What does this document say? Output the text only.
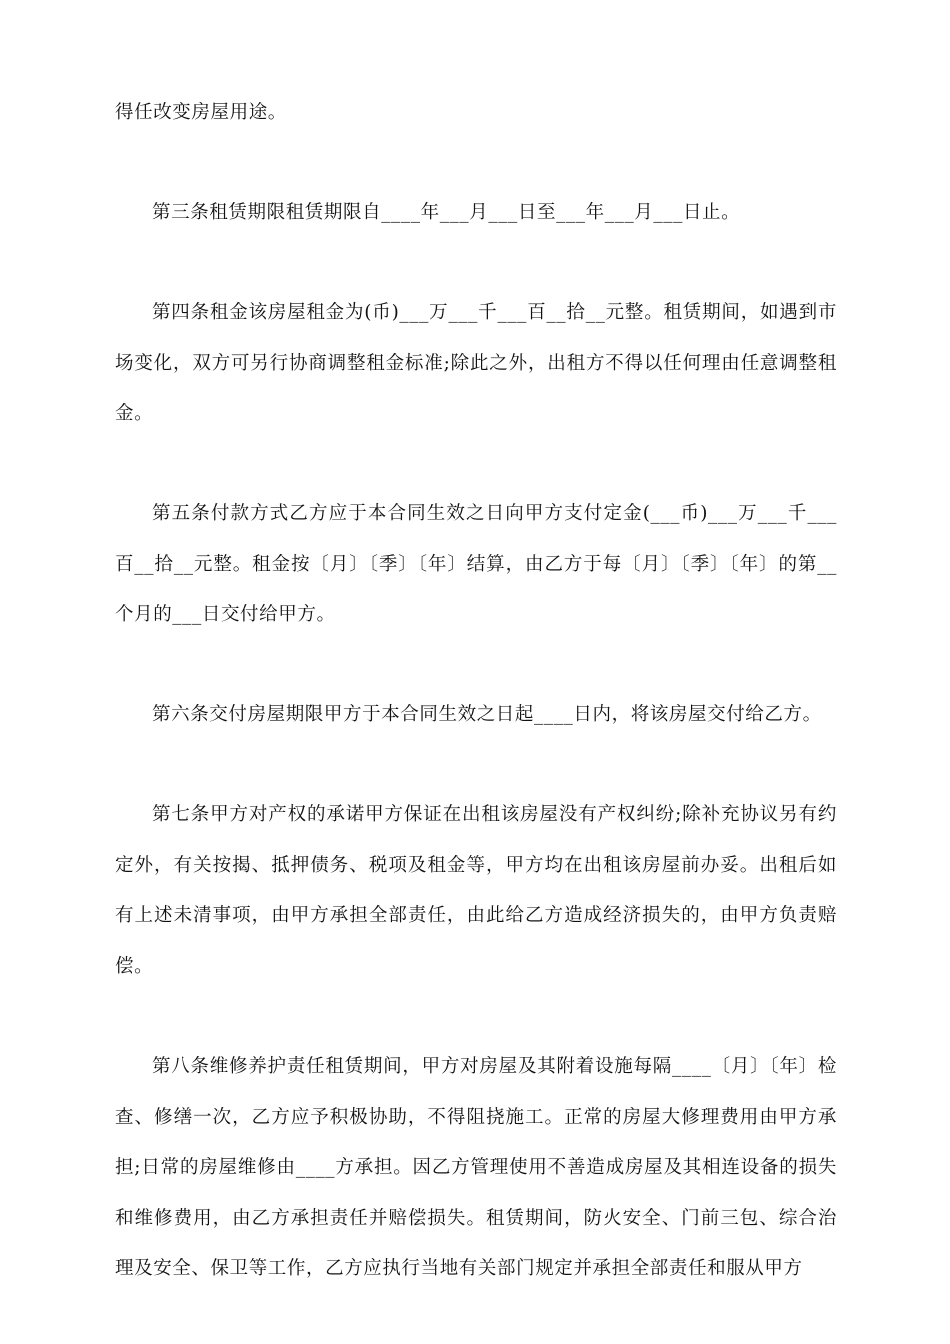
得任改变房屋用途。

第三条租赁期限租赁期限自____年___月___日至___年___月___日止。

第四条租金该房屋租金为(币)___万___千___百__拾__元整。租赁期间，如遇到市场变化，双方可另行协商调整租金标准;除此之外，出租方不得以任何理由任意调整租金。

第五条付款方式乙方应于本合同生效之日向甲方支付定金(___币)___万___千___百__拾__元整。租金按〔月〕〔季〕〔年〕结算，由乙方于每〔月〕〔季〕〔年〕的第__个月的___日交付给甲方。

第六条交付房屋期限甲方于本合同生效之日起____日内，将该房屋交付给乙方。

第七条甲方对产权的承诺甲方保证在出租该房屋没有产权纠纷;除补充协议另有约定外，有关按揭、抵押债务、税项及租金等，甲方均在出租该房屋前办妥。出租后如有上述未清事项，由甲方承担全部责任，由此给乙方造成经济损失的，由甲方负责赔偿。

第八条维修养护责任租赁期间，甲方对房屋及其附着设施每隔____〔月〕〔年〕检查、修缮一次，乙方应予积极协助，不得阻挠施工。正常的房屋大修理费用由甲方承担;日常的房屋维修由____方承担。因乙方管理使用不善造成房屋及其相连设备的损失和维修费用，由乙方承担责任并赔偿损失。租赁期间，防火安全、门前三包、综合治理及安全、保卫等工作，乙方应执行当地有关部门规定并承担全部责任和服从甲方
